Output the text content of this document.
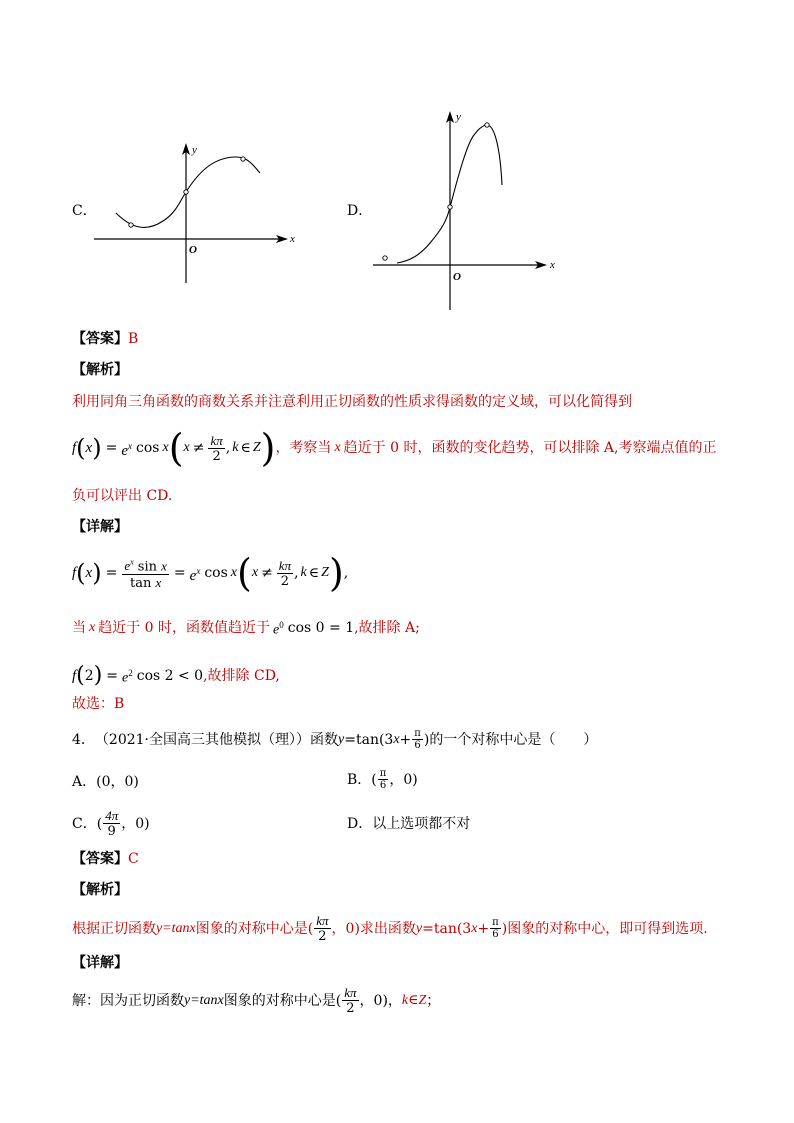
C．
x
y
O
D．
x
y
O
【答案】B
【解析】
利用同角三角函数的商数关系并注意利用正切函数的性质求得函数的定义域，可以化简得到
f ( x ) = $e^x$ cos x ( $x \ne \frac{k\pi}{2}$ , k ∈ Z ) ，考察当 x 趋近于 0 时，函数的变化趋势，可以排除 A,考察端点值的正
负可以评出 CD.
【详解】
f ( x ) = $\frac{e^x \sin x}{\text{tan x}} = e^x$ cos x ( $x \ne \frac{k\pi}{2}$ , k ∈ Z ) ,
当 x 趋近于 0 时，函数值趋近于 $e^0$ cos 0 = 1 ,故排除 A;
f ( 2 ) = $e^2$ cos 2 < 0 ,故排除 CD,
故选：B
4． （2021·全国高三其他模拟（理））函数 y =tan(3 $x + \frac{\pi}{6}$ )的一个对称中心是（　　）
A．(0，0)	B．( $\frac{\pi}{6}$ ，0)
C．( $\frac{4\pi}{9}$ ，0)	D．以上选项都不对
【答案】C
【解析】
根据正切函数 y=tanx 图象的对称中心是( $\frac{k\pi}{2}$ ，0)求出函数 y =tan(3 $x + \frac{\pi}{6}$ )图象的对称中心，即可得到选项.
【详解】
解：因为正切函数 y=tanx 图象的对称中心是( $\frac{k\pi}{2}$ ，0)， k∈Z ；
